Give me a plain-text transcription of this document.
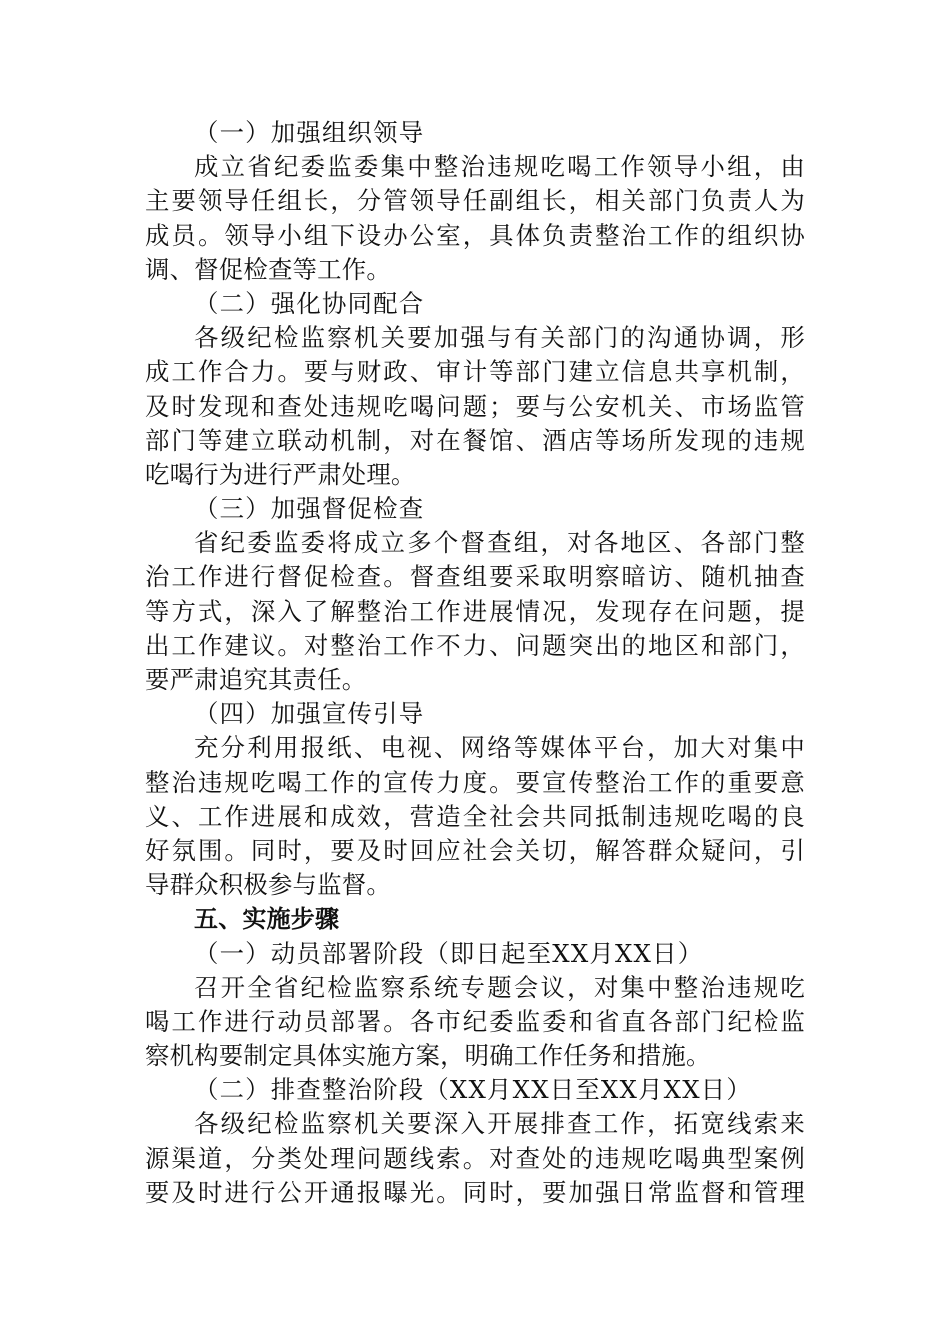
（一）加强组织领导
成立省纪委监委集中整治违规吃喝工作领导小组，由
主要领导任组长，分管领导任副组长，相关部门负责人为
成员。领导小组下设办公室，具体负责整治工作的组织协
调、督促检查等工作。
（二）强化协同配合
各级纪检监察机关要加强与有关部门的沟通协调，形
成工作合力。要与财政、审计等部门建立信息共享机制，
及时发现和查处违规吃喝问题；要与公安机关、市场监管
部门等建立联动机制，对在餐馆、酒店等场所发现的违规
吃喝行为进行严肃处理。
（三）加强督促检查
省纪委监委将成立多个督查组，对各地区、各部门整
治工作进行督促检查。督查组要采取明察暗访、随机抽查
等方式，深入了解整治工作进展情况，发现存在问题，提
出工作建议。对整治工作不力、问题突出的地区和部门，
要严肃追究其责任。
（四）加强宣传引导
充分利用报纸、电视、网络等媒体平台，加大对集中
整治违规吃喝工作的宣传力度。要宣传整治工作的重要意
义、工作进展和成效，营造全社会共同抵制违规吃喝的良
好氛围。同时，要及时回应社会关切，解答群众疑问，引
导群众积极参与监督。
五、实施步骤
（一）动员部署阶段（即日起至XX月XX日）
召开全省纪检监察系统专题会议，对集中整治违规吃
喝工作进行动员部署。各市纪委监委和省直各部门纪检监
察机构要制定具体实施方案，明确工作任务和措施。
（二）排查整治阶段（XX月XX日至XX月XX日）
各级纪检监察机关要深入开展排查工作，拓宽线索来
源渠道，分类处理问题线索。对查处的违规吃喝典型案例
要及时进行公开通报曝光。同时，要加强日常监督和管理
